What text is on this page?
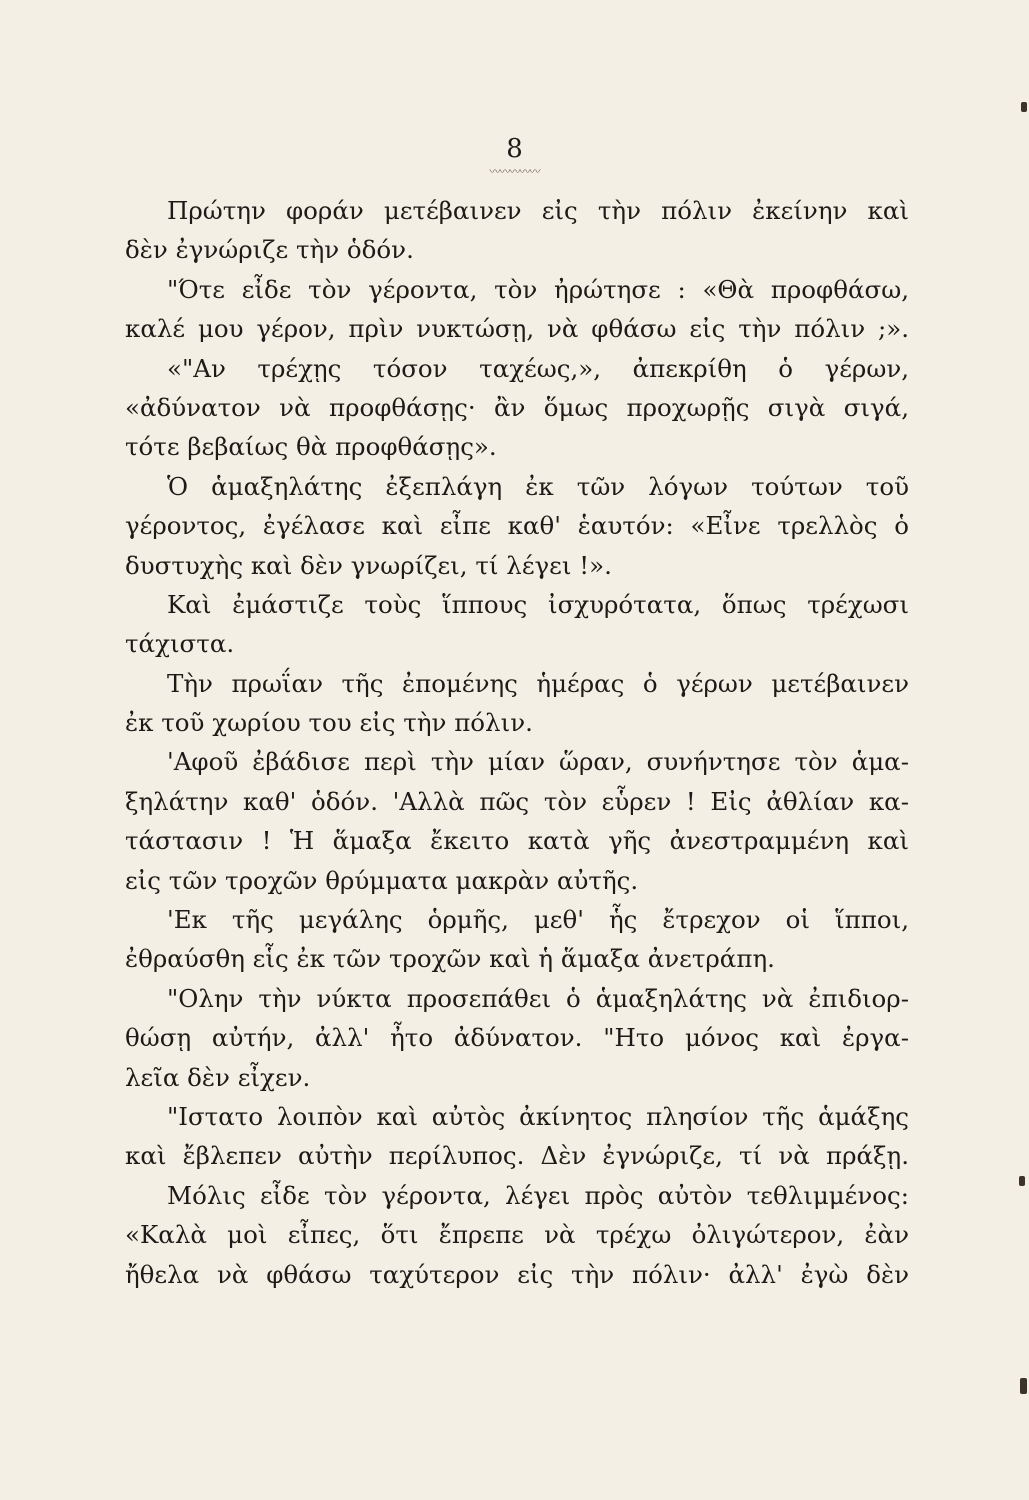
8
〰〰〰〰〰
Πρώτην φοράν μετέβαινεν εἰς τὴν πόλιν ἐκείνην καὶ
δὲν ἐγνώριζε τὴν ὁδόν.
"Ότε εἶδε τὸν γέροντα, τὸν ἠρώτησε : «Θὰ προφθάσω,
καλέ μου γέρον, πρὶν νυκτώσῃ, νὰ φθάσω εἰς τὴν πόλιν ;».
«"Αν τρέχῃς τόσον ταχέως,», ἀπεκρίθη ὁ γέρων,
«ἀδύνατον νὰ προφθάσῃς· ἂν ὅμως προχωρῇς σιγὰ σιγά,
τότε βεβαίως θὰ προφθάσῃς».
Ὁ ἁμαξηλάτης ἐξεπλάγη ἐκ τῶν λόγων τούτων τοῦ
γέροντος, ἐγέλασε καὶ εἶπε καθ' ἑαυτόν: «Εἶνε τρελλὸς ὁ
δυστυχὴς καὶ δὲν γνωρίζει, τί λέγει !».
Καὶ ἐμάστιζε τοὺς ἵππους ἰσχυρότατα, ὅπως τρέχωσι
τάχιστα.
Τὴν πρωΐαν τῆς ἐπομένης ἡμέρας ὁ γέρων μετέβαινεν
ἐκ τοῦ χωρίου του εἰς τὴν πόλιν.
'Αφοῦ ἐβάδισε περὶ τὴν μίαν ὥραν, συνήντησε τὸν ἁμα-
ξηλάτην καθ' ὁδόν. 'Αλλὰ πῶς τὸν εὗρεν ! Εἰς ἀθλίαν κα-
τάστασιν ! Ἡ ἅμαξα ἔκειτο κατὰ γῆς ἀνεστραμμένη καὶ
εἰς τῶν τροχῶν θρύμματα μακρὰν αὐτῆς.
'Εκ τῆς μεγάλης ὁρμῆς, μεθ' ἧς ἔτρεχον οἱ ἵπποι,
ἐθραύσθη εἷς ἐκ τῶν τροχῶν καὶ ἡ ἅμαξα ἀνετράπη.
"Ολην τὴν νύκτα προσεπάθει ὁ ἁμαξηλάτης νὰ ἐπιδιορ-
θώσῃ αὐτήν, ἀλλ' ἦτο ἀδύνατον. "Ητο μόνος καὶ ἐργα-
λεῖα δὲν εἶχεν.
"Ιστατο λοιπὸν καὶ αὐτὸς ἀκίνητος πλησίον τῆς ἁμάξης
καὶ ἔβλεπεν αὐτὴν περίλυπος. Δὲν ἐγνώριζε, τί νὰ πράξῃ.
Μόλις εἶδε τὸν γέροντα, λέγει πρὸς αὐτὸν τεθλιμμένος:
«Καλὰ μοὶ εἶπες, ὅτι ἔπρεπε νὰ τρέχω ὀλιγώτερον, ἐὰν
ἤθελα νὰ φθάσω ταχύτερον εἰς τὴν πόλιν· ἀλλ' ἐγὼ δὲν
